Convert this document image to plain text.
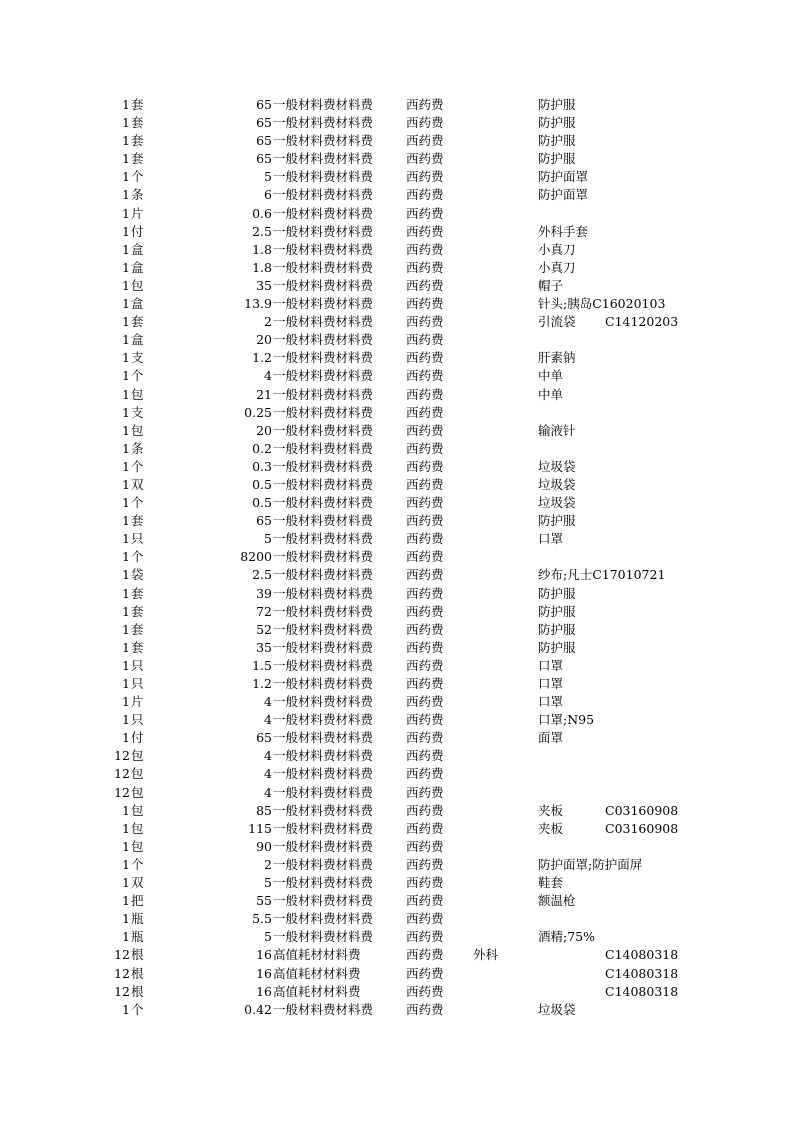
1 套	65 一般材料费材料费	西药费	防护服
1 套	65 一般材料费材料费	西药费	防护服
1 套	65 一般材料费材料费	西药费	防护服
1 套	65 一般材料费材料费	西药费	防护服
1 个	5 一般材料费材料费	西药费	防护面罩
1 条	6 一般材料费材料费	西药费	防护面罩
1 片	0.6 一般材料费材料费	西药费
1 付	2.5 一般材料费材料费	西药费	外科手套
1 盒	1.8 一般材料费材料费	西药费	小真刀
1 盒	1.8 一般材料费材料费	西药费	小真刀
1 包	35 一般材料费材料费	西药费	帽子
1 盒	13.9 一般材料费材料费	西药费	针头;胰岛C16020103
1 套	2 一般材料费材料费	西药费	引流袋 C14120203
1 盒	20 一般材料费材料费	西药费
1 支	1.2 一般材料费材料费	西药费	肝素钠
1 个	4 一般材料费材料费	西药费	中单
1 包	21 一般材料费材料费	西药费	中单
1 支	0.25 一般材料费材料费	西药费
1 包	20 一般材料费材料费	西药费	输液针
1 条	0.2 一般材料费材料费	西药费
1 个	0.3 一般材料费材料费	西药费	垃圾袋
1 双	0.5 一般材料费材料费	西药费	垃圾袋
1 个	0.5 一般材料费材料费	西药费	垃圾袋
1 套	65 一般材料费材料费	西药费	防护服
1 只	5 一般材料费材料费	西药费	口罩
1 个	8200 一般材料费材料费	西药费
1 袋	2.5 一般材料费材料费	西药费	纱布;凡士C17010721
1 套	39 一般材料费材料费	西药费	防护服
1 套	72 一般材料费材料费	西药费	防护服
1 套	52 一般材料费材料费	西药费	防护服
1 套	35 一般材料费材料费	西药费	防护服
1 只	1.5 一般材料费材料费	西药费	口罩
1 只	1.2 一般材料费材料费	西药费	口罩
1 片	4 一般材料费材料费	西药费	口罩
1 只	4 一般材料费材料费	西药费	口罩;N95
1 付	65 一般材料费材料费	西药费	面罩
12 包	4 一般材料费材料费	西药费
12 包	4 一般材料费材料费	西药费
12 包	4 一般材料费材料费	西药费
1 包	85 一般材料费材料费	西药费	夹板	C03160908
1 包	115 一般材料费材料费	西药费	夹板	C03160908
1 包	90 一般材料费材料费	西药费
1 个	2 一般材料费材料费	西药费	防护面罩;防护面屏
1 双	5 一般材料费材料费	西药费	鞋套
1 把	55 一般材料费材料费	西药费	额温枪
1 瓶	5.5 一般材料费材料费	西药费
1 瓶	5 一般材料费材料费	西药费	酒精;75%
12 根	16 高值耗材材料费	西药费 外科	C14080318
12 根	16 高值耗材材料费	西药费	C14080318
12 根	16 高值耗材材料费	西药费	C14080318
1 个	0.42 一般材料费材料费	西药费	垃圾袋
